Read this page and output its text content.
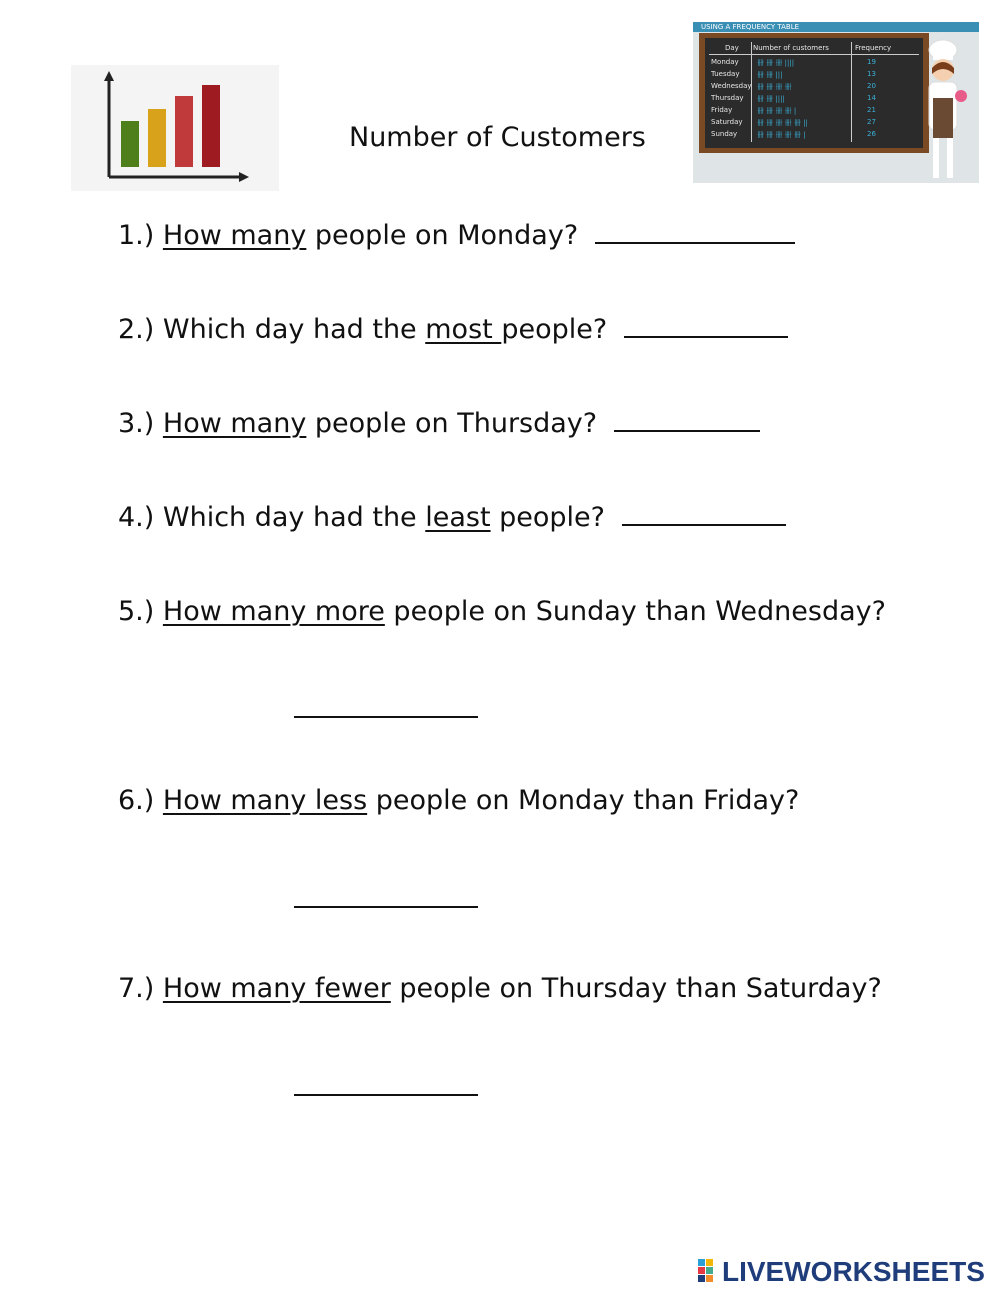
Number of Customers
USING A FREQUENCY TABLE
Day Number of customers	Frequency
Monday	卌 卌 卌 ||||	19
Tuesday	卌 卌 |||	13
Wednesday 卌 卌 卌 卌	20
Thursday 卌 卌 ||||	14
Friday	卌 卌 卌 卌 |	21
Saturday 卌 卌 卌 卌 卌 ||	27
Sunday	卌 卌 卌 卌 卌 |	26
1.) How many people on Monday?
2.) Which day had the most people?
3.) How many people on Thursday?
4.) Which day had the least people?
5.) How many more people on Sunday than Wednesday?
6.) How many less people on Monday than Friday?
7.) How many fewer people on Thursday than Saturday?
LIVEWORKSHEETS
